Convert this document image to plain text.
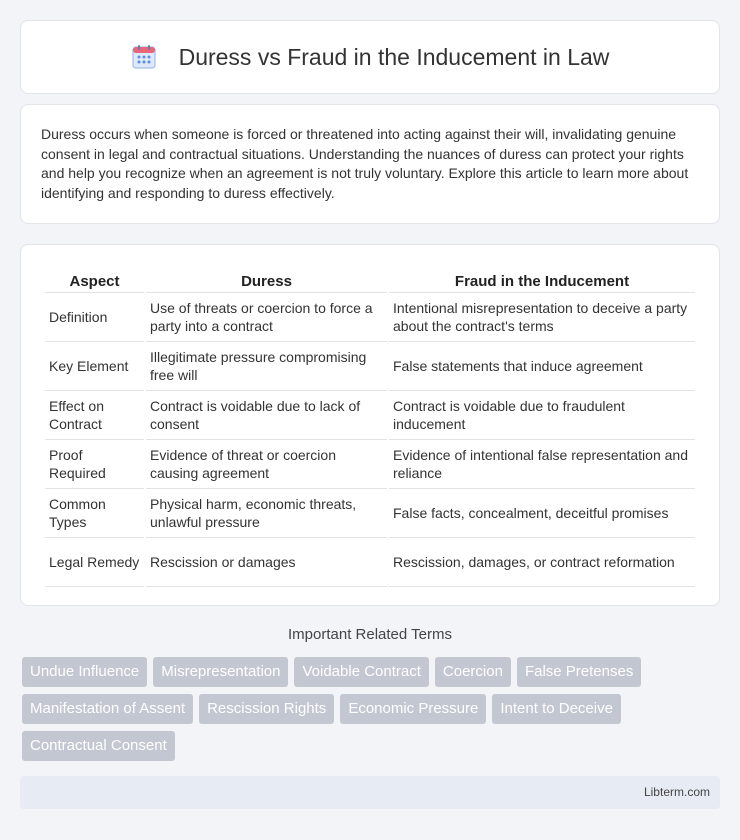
Duress vs Fraud in the Inducement in Law

Duress occurs when someone is forced or threatened into acting against their will, invalidating genuine consent in legal and contractual situations. Understanding the nuances of duress can protect your rights and help you recognize when an agreement is not truly voluntary. Explore this article to learn more about identifying and responding to duress effectively.

Aspect	Duress	Fraud in the Inducement
Definition	Use of threats or coercion to force a party into a contract	Intentional misrepresentation to deceive a party about the contract's terms
Key Element	Illegitimate pressure compromising free will	False statements that induce agreement
Effect on Contract	Contract is voidable due to lack of consent	Contract is voidable due to fraudulent inducement
Proof Required	Evidence of threat or coercion causing agreement	Evidence of intentional false representation and reliance
Common Types	Physical harm, economic threats, unlawful pressure	False facts, concealment, deceitful promises
Legal Remedy	Rescission or damages	Rescission, damages, or contract reformation
Important Related Terms
Undue Influence	Misrepresentation	Voidable Contract	Coercion	False Pretenses
Manifestation of Assent	Rescission Rights	Economic Pressure	Intent to Deceive
Contractual Consent
Libterm.com
